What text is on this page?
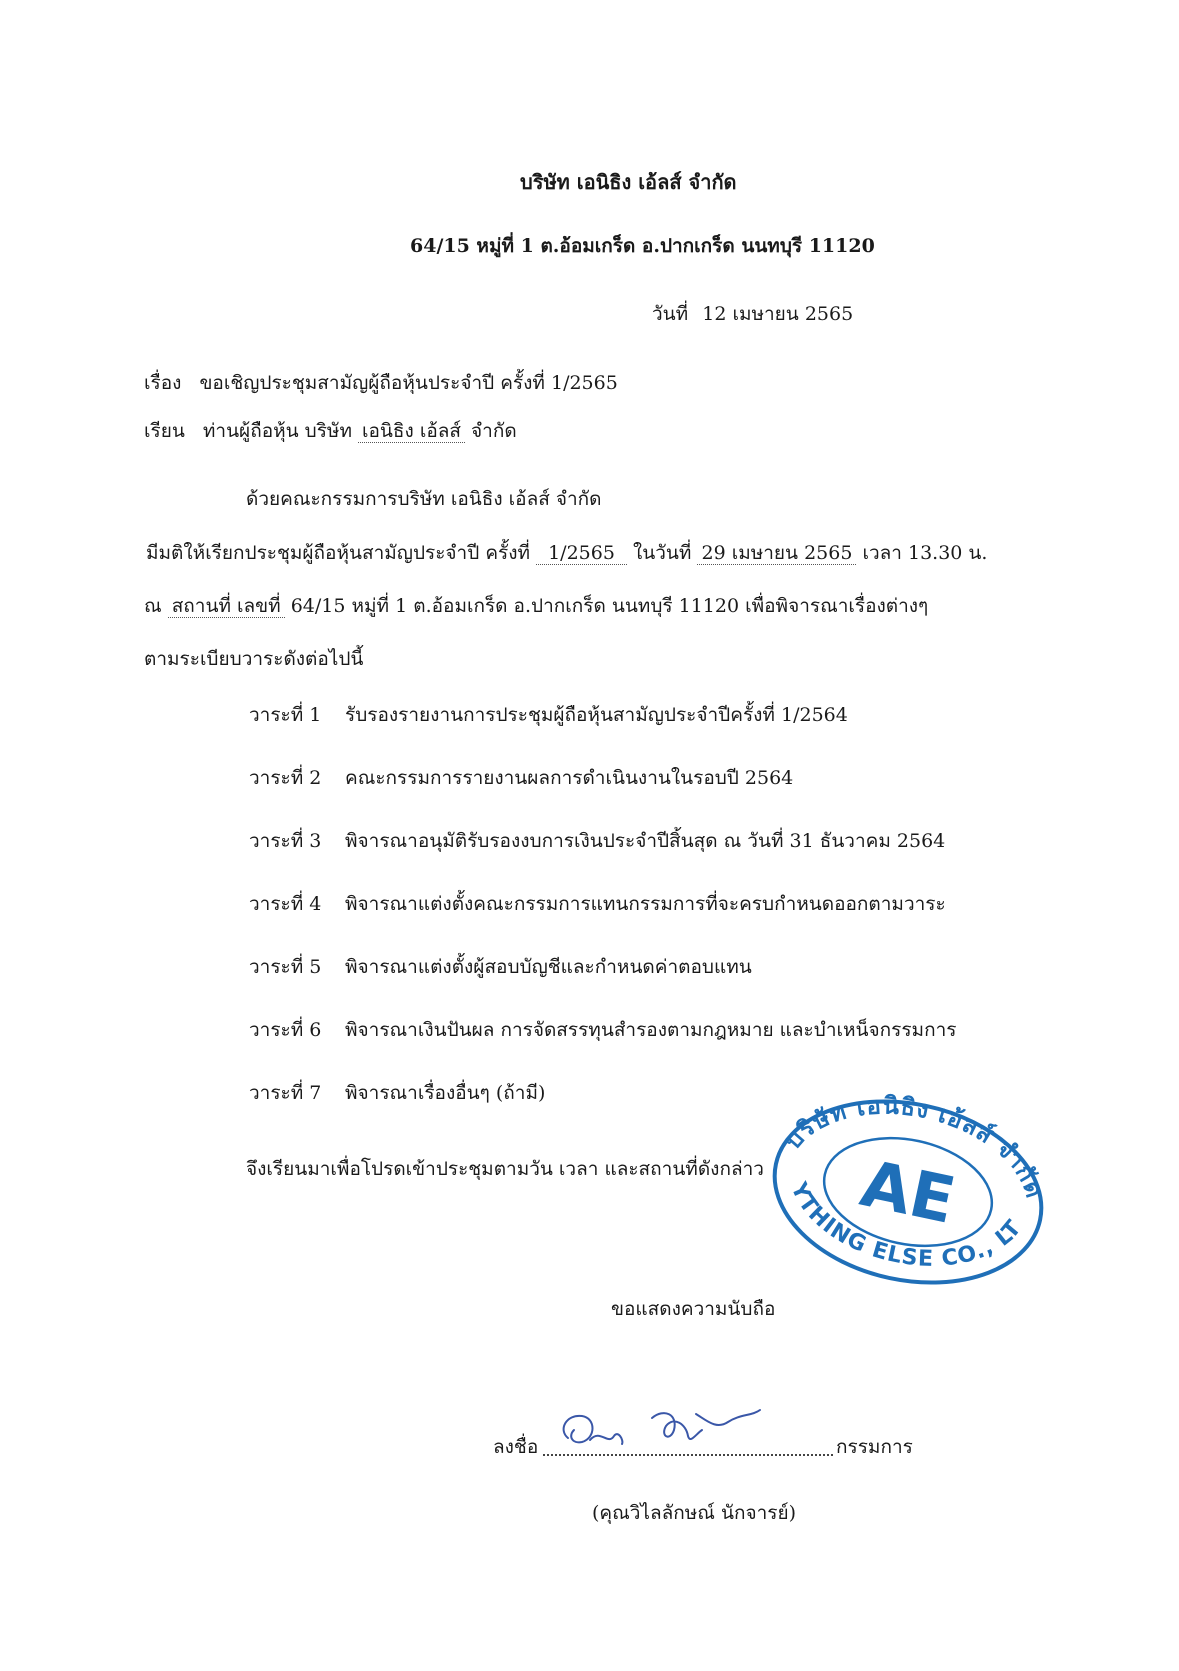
บริษัท เอนิธิง เอ้ลส์ จำกัด
64/15 หมู่ที่ 1 ต.อ้อมเกร็ด อ.ปากเกร็ด นนทบุรี 11120
วันที่ 12 เมษายน 2565
เรื่อง ขอเชิญประชุมสามัญผู้ถือหุ้นประจำปี ครั้งที่ 1/2565
เรียน ท่านผู้ถือหุ้น บริษัท เอนิธิง เอ้ลส์ จำกัด
ด้วยคณะกรรมการบริษัท เอนิธิง เอ้ลส์ จำกัด
มีมติให้เรียกประชุมผู้ถือหุ้นสามัญประจำปี ครั้งที่ 1/2565 ในวันที่ 29 เมษายน 2565 เวลา 13.30 น.
ณ สถานที่ เลขที่ 64/15 หมู่ที่ 1 ต.อ้อมเกร็ด อ.ปากเกร็ด นนทบุรี 11120 เพื่อพิจารณาเรื่องต่างๆ
ตามระเบียบวาระดังต่อไปนี้
วาระที่ 1 รับรองรายงานการประชุมผู้ถือหุ้นสามัญประจำปีครั้งที่ 1/2564
วาระที่ 2 คณะกรรมการรายงานผลการดำเนินงานในรอบปี 2564
วาระที่ 3 พิจารณาอนุมัติรับรองงบการเงินประจำปีสิ้นสุด ณ วันที่ 31 ธันวาคม 2564
วาระที่ 4 พิจารณาแต่งตั้งคณะกรรมการแทนกรรมการที่จะครบกำหนดออกตามวาระ
วาระที่ 5 พิจารณาแต่งตั้งผู้สอบบัญชีและกำหนดค่าตอบแทน
วาระที่ 6 พิจารณาเงินปันผล การจัดสรรทุนสำรองตามกฎหมาย และบำเหน็จกรรมการ
วาระที่ 7 พิจารณาเรื่องอื่นๆ (ถ้ามี)
จึงเรียนมาเพื่อโปรดเข้าประชุมตามวัน เวลา และสถานที่ดังกล่าว
บริษัท เอนิธิง เอ้ลส์ จำกัด
ANYTHING ELSE CO., LTD.
AE
ขอแสดงความนับถือ
ลงชื่อ	กรรมการ
(คุณวิไลลักษณ์ นักจารย์)
